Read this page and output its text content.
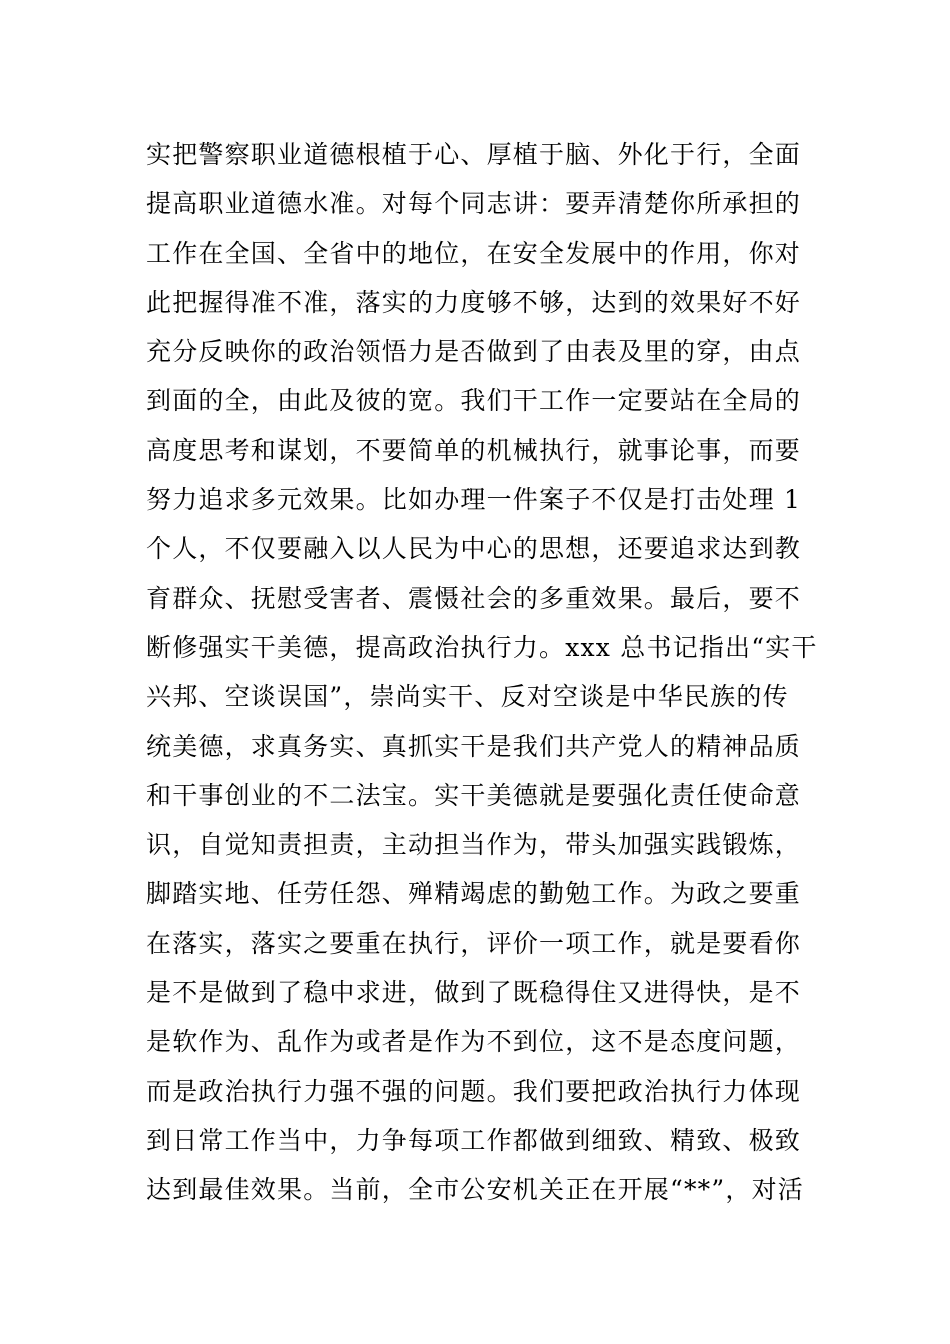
实把警察职业道德根植于心、厚植于脑、外化于行，全面
提高职业道德水准。对每个同志讲：要弄清楚你所承担的
工作在全国、全省中的地位，在安全发展中的作用，你对
此把握得准不准，落实的力度够不够，达到的效果好不好
充分反映你的政治领悟力是否做到了由表及里的穿，由点
到面的全，由此及彼的宽。我们干工作一定要站在全局的
高度思考和谋划，不要简单的机械执行，就事论事，而要
努力追求多元效果。比如办理一件案子不仅是打击处理 1
个人，不仅要融入以人民为中心的思想，还要追求达到教
育群众、抚慰受害者、震慑社会的多重效果。最后，要不
断修强实干美德，提高政治执行力。xxx 总书记指出“实干
兴邦、空谈误国”，崇尚实干、反对空谈是中华民族的传
统美德，求真务实、真抓实干是我们共产党人的精神品质
和干事创业的不二法宝。实干美德就是要强化责任使命意
识，自觉知责担责，主动担当作为，带头加强实践锻炼，
脚踏实地、任劳任怨、殚精竭虑的勤勉工作。为政之要重
在落实，落实之要重在执行，评价一项工作，就是要看你
是不是做到了稳中求进，做到了既稳得住又进得快，是不
是软作为、乱作为或者是作为不到位，这不是态度问题，
而是政治执行力强不强的问题。我们要把政治执行力体现
到日常工作当中，力争每项工作都做到细致、精致、极致
达到最佳效果。当前，全市公安机关正在开展“**”，对活
